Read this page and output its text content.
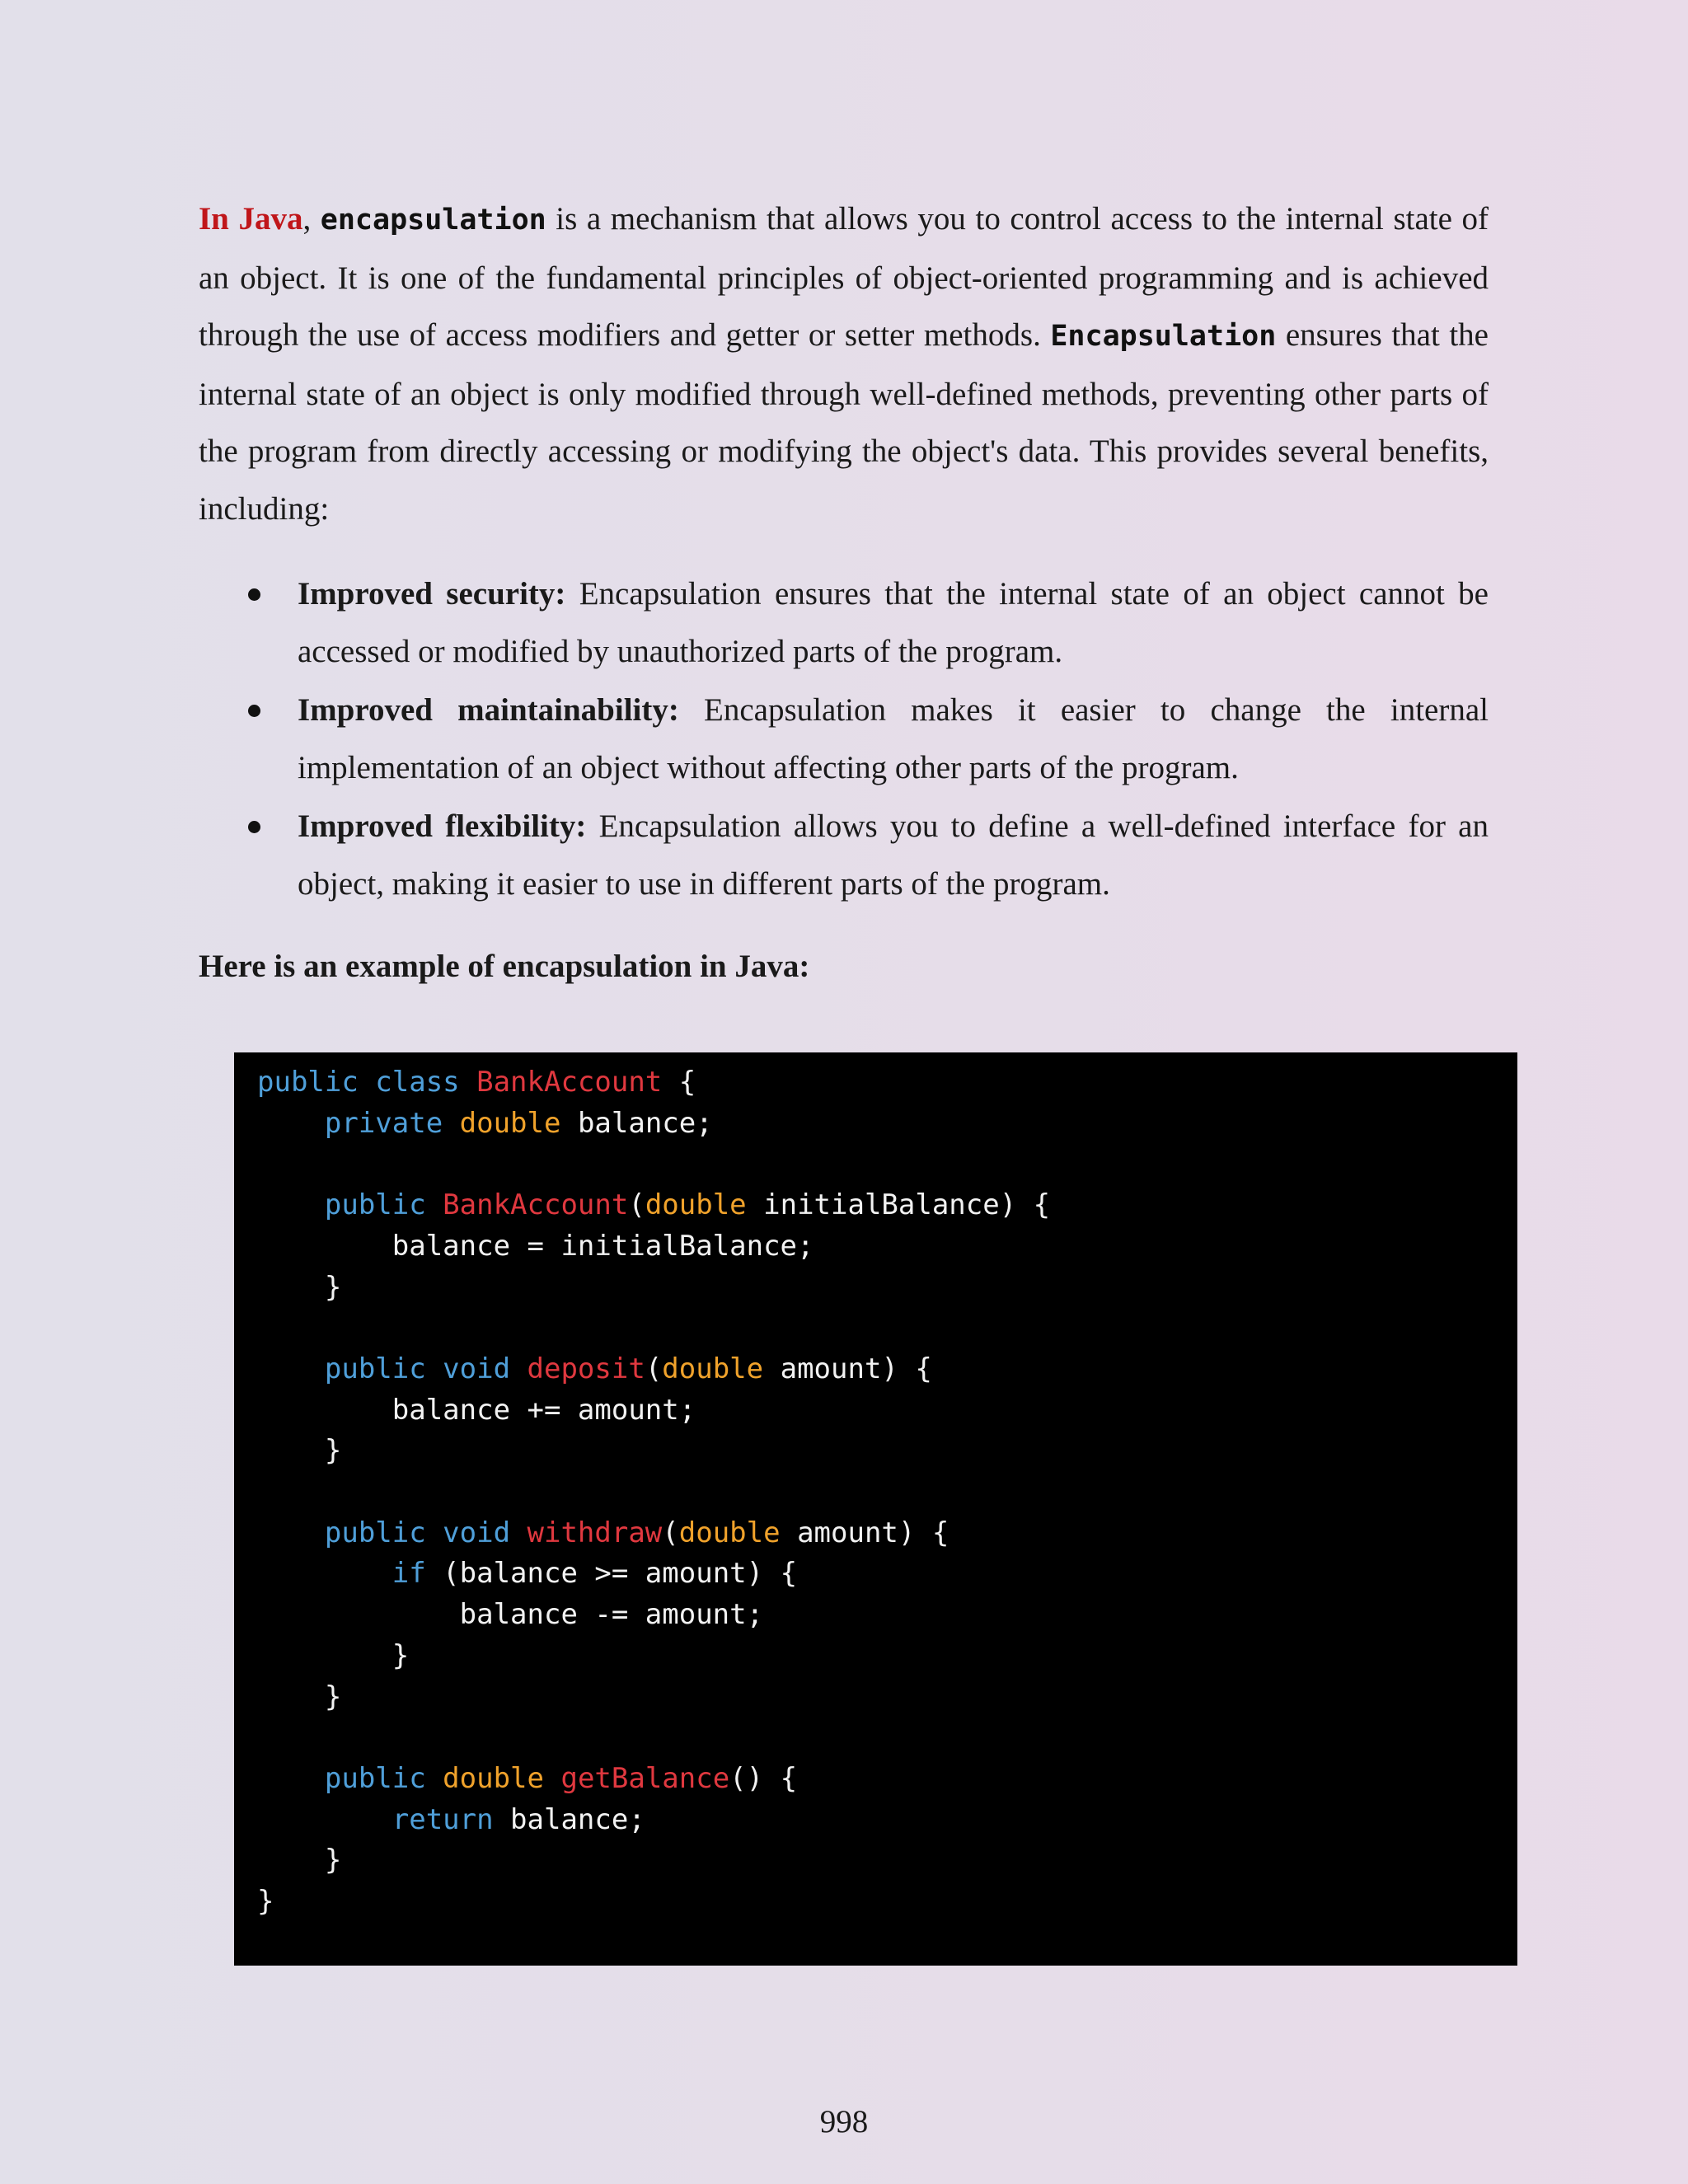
In Java, encapsulation is a mechanism that allows you to control access to the internal state of an object. It is one of the fundamental principles of object-oriented programming and is achieved through the use of access modifiers and getter or setter methods. Encapsulation ensures that the internal state of an object is only modified through well-defined methods, preventing other parts of the program from directly accessing or modifying the object's data. This provides several benefits, including:

Improved security: Encapsulation ensures that the internal state of an object cannot be accessed or modified by unauthorized parts of the program.
Improved maintainability: Encapsulation makes it easier to change the internal implementation of an object without affecting other parts of the program.
Improved flexibility: Encapsulation allows you to define a well-defined interface for an object, making it easier to use in different parts of the program.

Here is an example of encapsulation in Java:

public class BankAccount {
private double balance;

public BankAccount(double initialBalance) {
balance = initialBalance;
}

public void deposit(double amount) {
balance += amount;
}

public void withdraw(double amount) {
if (balance >= amount) {
balance -= amount;
}
}

public double getBalance() {
return balance;
}
}

998
